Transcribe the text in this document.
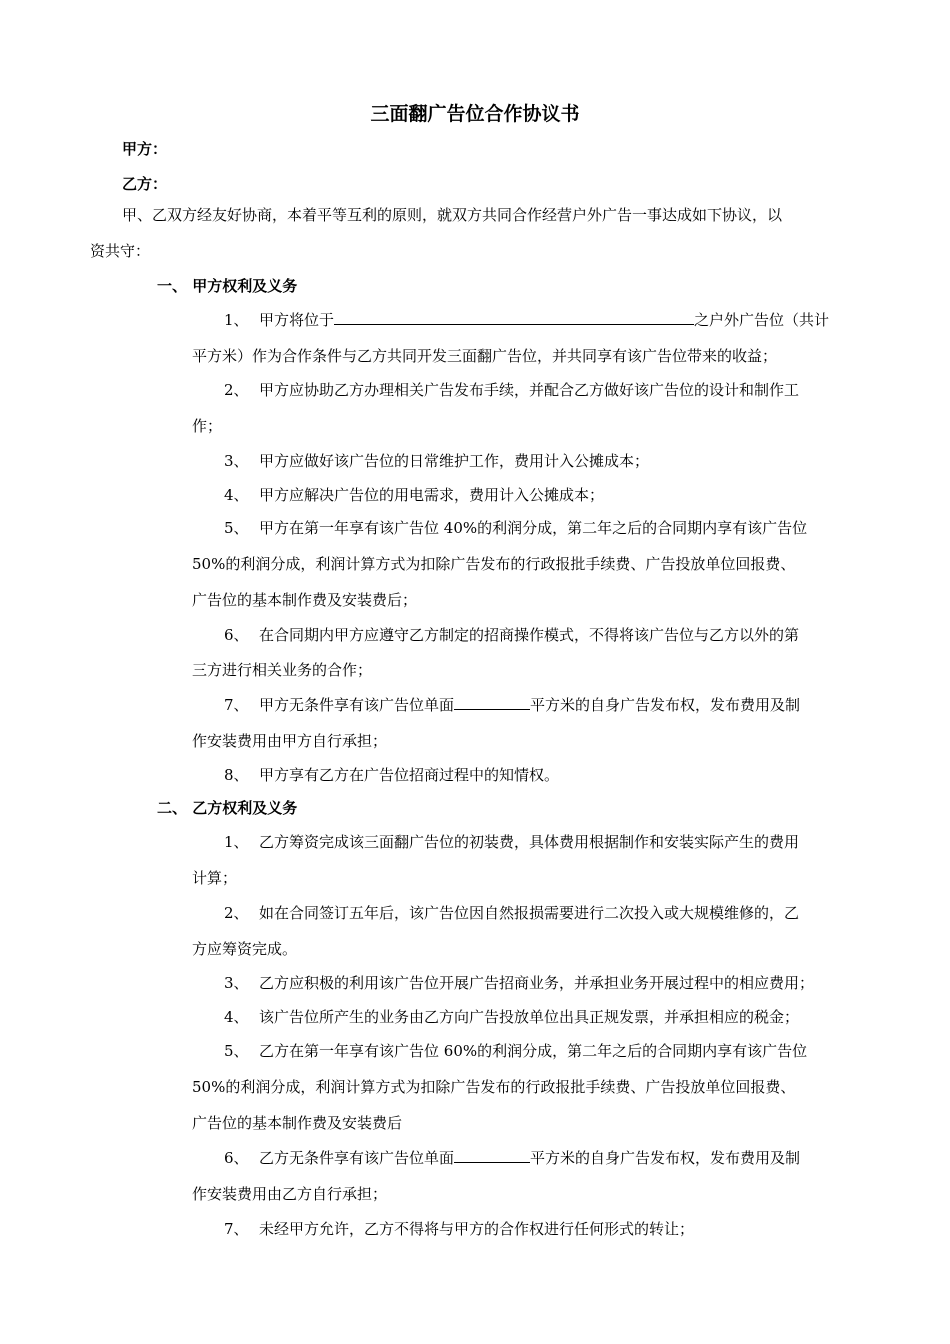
三面翻广告位合作协议书
甲方：
乙方：
甲、乙双方经友好协商，本着平等互利的原则，就双方共同合作经营户外广告一事达成如下协议，以
资共守：
一、 甲方权利及义务
1、 甲方将位于	之户外广告位（共计
平方米）作为合作条件与乙方共同开发三面翻广告位，并共同享有该广告位带来的收益；
2、 甲方应协助乙方办理相关广告发布手续，并配合乙方做好该广告位的设计和制作工
作；
3、 甲方应做好该广告位的日常维护工作，费用计入公摊成本；
4、 甲方应解决广告位的用电需求，费用计入公摊成本；
5、 甲方在第一年享有该广告位 40%的利润分成，第二年之后的合同期内享有该广告位
50%的利润分成，利润计算方式为扣除广告发布的行政报批手续费、广告投放单位回报费、
广告位的基本制作费及安装费后；
6、 在合同期内甲方应遵守乙方制定的招商操作模式，不得将该广告位与乙方以外的第
三方进行相关业务的合作；
7、 甲方无条件享有该广告位单面	平方米的自身广告发布权，发布费用及制
作安装费用由甲方自行承担；
8、 甲方享有乙方在广告位招商过程中的知情权。
二、 乙方权利及义务
1、 乙方筹资完成该三面翻广告位的初装费，具体费用根据制作和安装实际产生的费用
计算；
2、 如在合同签订五年后，该广告位因自然报损需要进行二次投入或大规模维修的，乙
方应筹资完成。
3、 乙方应积极的利用该广告位开展广告招商业务，并承担业务开展过程中的相应费用；
4、 该广告位所产生的业务由乙方向广告投放单位出具正规发票，并承担相应的税金；
5、 乙方在第一年享有该广告位 60%的利润分成，第二年之后的合同期内享有该广告位
50%的利润分成，利润计算方式为扣除广告发布的行政报批手续费、广告投放单位回报费、
广告位的基本制作费及安装费后
6、 乙方无条件享有该广告位单面	平方米的自身广告发布权，发布费用及制
作安装费用由乙方自行承担；
7、 未经甲方允许，乙方不得将与甲方的合作权进行任何形式的转让；
